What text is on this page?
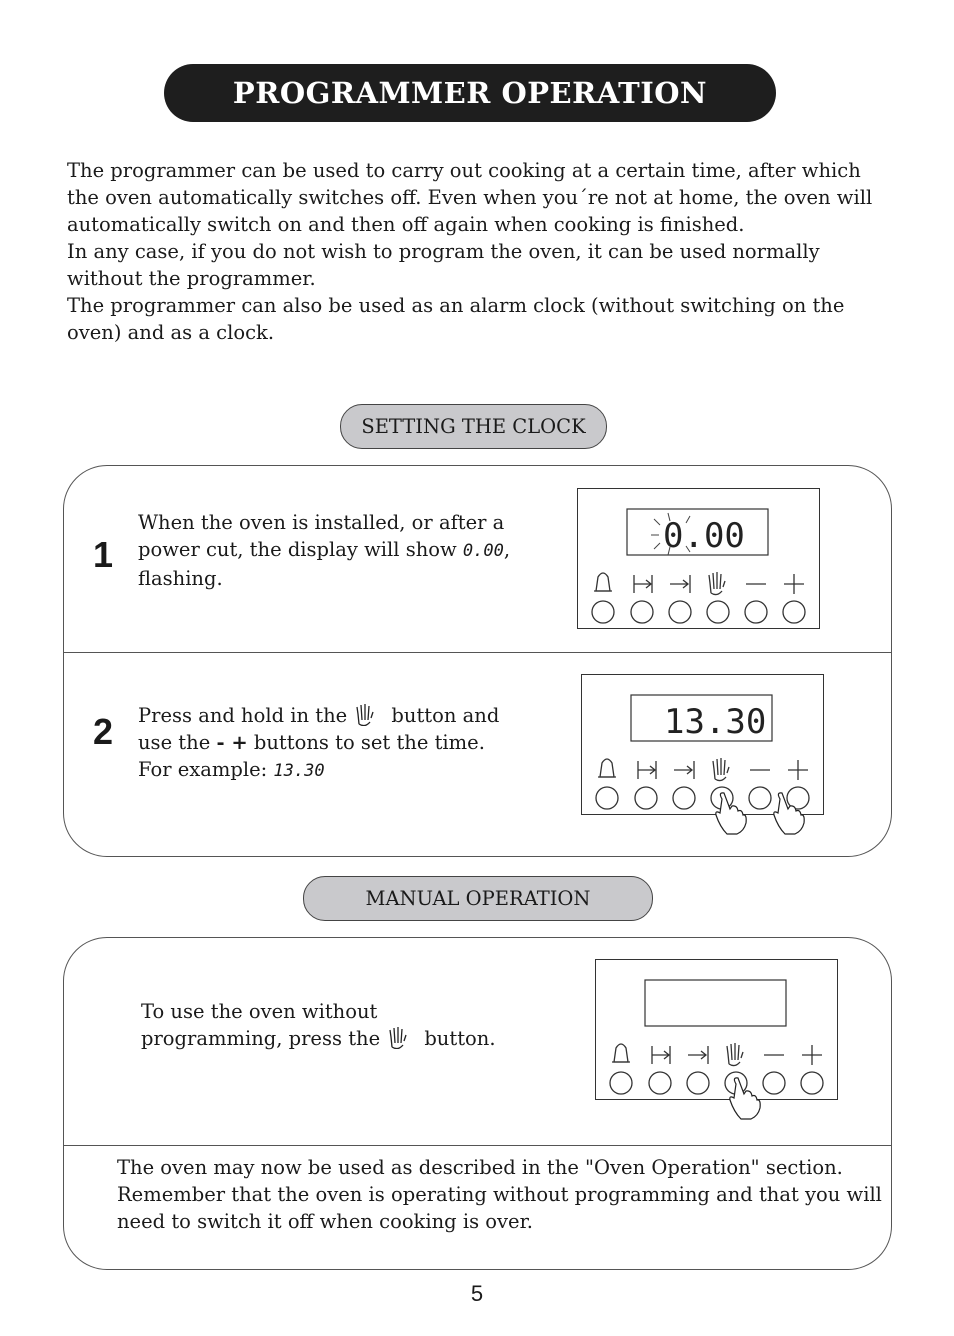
PROGRAMMER OPERATION

The programmer can be used to carry out cooking at a certain time, after which the oven automatically switches off. Even when you´re not at home, the oven will automatically switch on and then off again when cooking is finished.

In any case, if you do not wish to program the oven, it can be used normally without the programmer.

The programmer can also be used as an alarm clock (without switching on the oven) and as a clock.

SETTING THE CLOCK
1

When the oven is installed, or after a power cut, the display will show 0.00, flashing.

0.00
2 Press and hold in the button and use the - + buttons to set the time.

For example: 13.30

13.30
MANUAL OPERATION

To use the oven without programming, press the button.

The oven may now be used as described in the "Oven Operation" section. Remember that the oven is operating without programming and that you will need to switch it off when cooking is over.

5
